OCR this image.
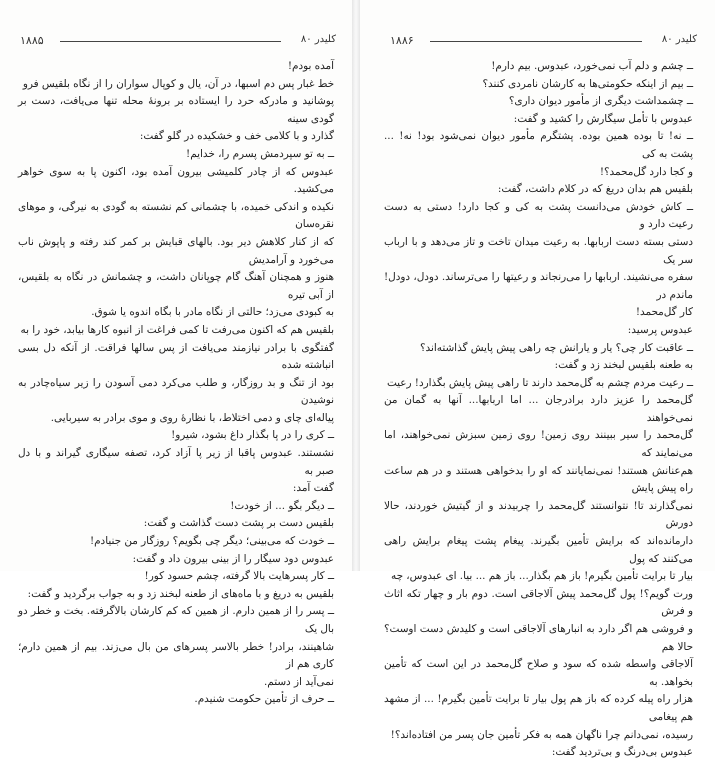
کلیدر ۸۰
۱۸۸۵

آمده بودم!

خط غبار پس دم اسبها، در آن، یال و کوپال سواران را از نگاه بلقیس فرو

پوشانید و مادرکه حرد را ایستاده بر برونهٔ محله تنها می‌یافت، دست بر گودی سینه

گذارد و با کلامی خف و خشکیده در گلو گفت:

ــ به تو سپردمش پسرم را، خدایم!

عبدوس که از چادر کلمیشی بیرون آمده بود، اکنون پا به سوی خواهر می‌کشید.

نکیده و اندکی خمیده، با چشمانی کم نشسته به گودی به نیرگی، و موهای نقره‌سان

که از کنار کلاهش دیر بود. بالهای قبایش بر کمر کند رفته و پاپوش ناب می‌خورد و آرامدیش

هنوز و همچنان آهنگ گام چوپانان داشت، و چشمانش در نگاه به بلقیس، از آبی تیره

به کبودی می‌زد؛ حالتی از نگاه مادر با بگاه اندوه یا شوق.

بلقیس هم که اکنون می‌رفت تا کمی فراغت از انبوه کارها بیابد، خود را به

گفتگوی با برادر نیازمند می‌یافت از پس سالها فراقت. از آنکه دل بسی انباشته شده

بود از تنگ و بد روزگار، و طلب می‌کرد دمی آسودن را زیر سیاه‌چادر به نوشیدن

پیاله‌ای چای و دمی اختلاط، با نظارهٔ روی و موی برادر به سیربایی.

ــ کری را در پا بگذار داغ بشود، شیرو!

نشستند. عبدوس پاقبا از زیر پا آزاد کرد، تصفه سیگاری گیراند و با دل صبر به

گفت آمد:

ــ دیگر بگو ... از خودت!

بلقیس دست بر پشت دست گذاشت و گفت:

ــ خودت که می‌بینی؛ دیگر چی بگویم؟ روزگار من جنیادم!

عبدوس دود سیگار را از بینی بیرون داد و گفت:

ــ کار پسرهایت بالا گرفته، چشم حسود کور!

بلقیس به دریغ و با ماه‌های از طعنه لبخند زد و به جواب برگردید و گفت:

ــ پسر را از همین دارم. از همین که کم کارشان بالاگرفته. بخت و خطر دو بال یک

شاهینند، برادر! خطر بالاسر پسرهای من بال می‌زند. بیم از همین دارم؛ کاری هم از

نمی‌آید از دستم.

ــ حرف از تأمین حکومت شنیدم.

کلیدر ۸۰
۱۸۸۶

ــ چشم و دلم آب نمی‌خورد، عبدوس. بیم دارم!

ــ بیم از اینکه حکومتی‌ها به کارشان نامردی کنند؟

ــ چشمداشت دیگری از مأمور دیوان داری؟

عبدوس با تأمل سیگارش را کشید و گفت:

ــ نه! تا بوده همین بوده. پشتگرم مأمور دیوان نمی‌شود بود! نه! ... پشت به کی

و کجا دارد گل‌محمد؟!

بلقیس هم بدان دریغ که در کلام داشت، گفت:

ــ کاش خودش می‌دانست پشت به کی و کجا دارد! دستی به دست رعیت دارد و

دستی بسته دست اربابها. به رعیت میدان تاخت و تاز می‌دهد و با ارباب سر یک

سفره می‌نشیند. اربابها را می‌رنجاند و رعیتها را می‌ترساند. دودل، دودل! ماندم در

کار گل‌محمد!

عبدوس پرسید:

ــ عاقبت کار چی؟ یار و یارانش چه راهی پیش پایش گذاشته‌اند؟

به طعنه بلقیس لبخند زد و گفت:

ــ رعیت مردم چشم به گل‌محمد دارند تا راهی پیش پایش بگذارد! رعیت

گل‌محمد را عزیز دارد برادرجان ... اما اربابها... آنها به گمان من نمی‌خواهند

گل‌محمد را سیر ببینند روی زمین! روی زمین سبزش نمی‌خواهند، اما می‌نمایند که

هم‌عنانش هستند! نمی‌نمایانند که او را بدخواهی هستند و در هم ساعت راه پیش پایش

نمی‌گذارند تا! نتوانستند گل‌محمد را چربیدند و از گیتیش خوردند، حالا دورش

دارمانده‌اند که برایش تأمین بگیرند. پیغام پشت پیغام برایش راهی می‌کنند که پول

بیار تا برایت تأمین بگیرم! باز هم بگذار... باز هم ... بیا. ای عبدوس، چه

ورت گویم؟! پول گل‌محمد پیش آلاجاقی است. دوم بار و چهار تکه اثاث و فرش

و فروشی هم اگر دارد به انبارهای آلاجاقی است و کلیدش دست اوست؟ حالا هم

آلاجاقی واسطه شده که سود و صلاح گل‌محمد در این است که تأمین بخواهد. به

هزار راه پیله کرده که باز هم پول بیار تا برایت تأمین بگیرم! ... از مشهد هم پیغامی

رسیده، نمی‌دانم چرا ناگهان همه به فکر تأمین جان پسر من افتاده‌اند؟!

عبدوس بی‌درنگ و بی‌تردید گفت:
